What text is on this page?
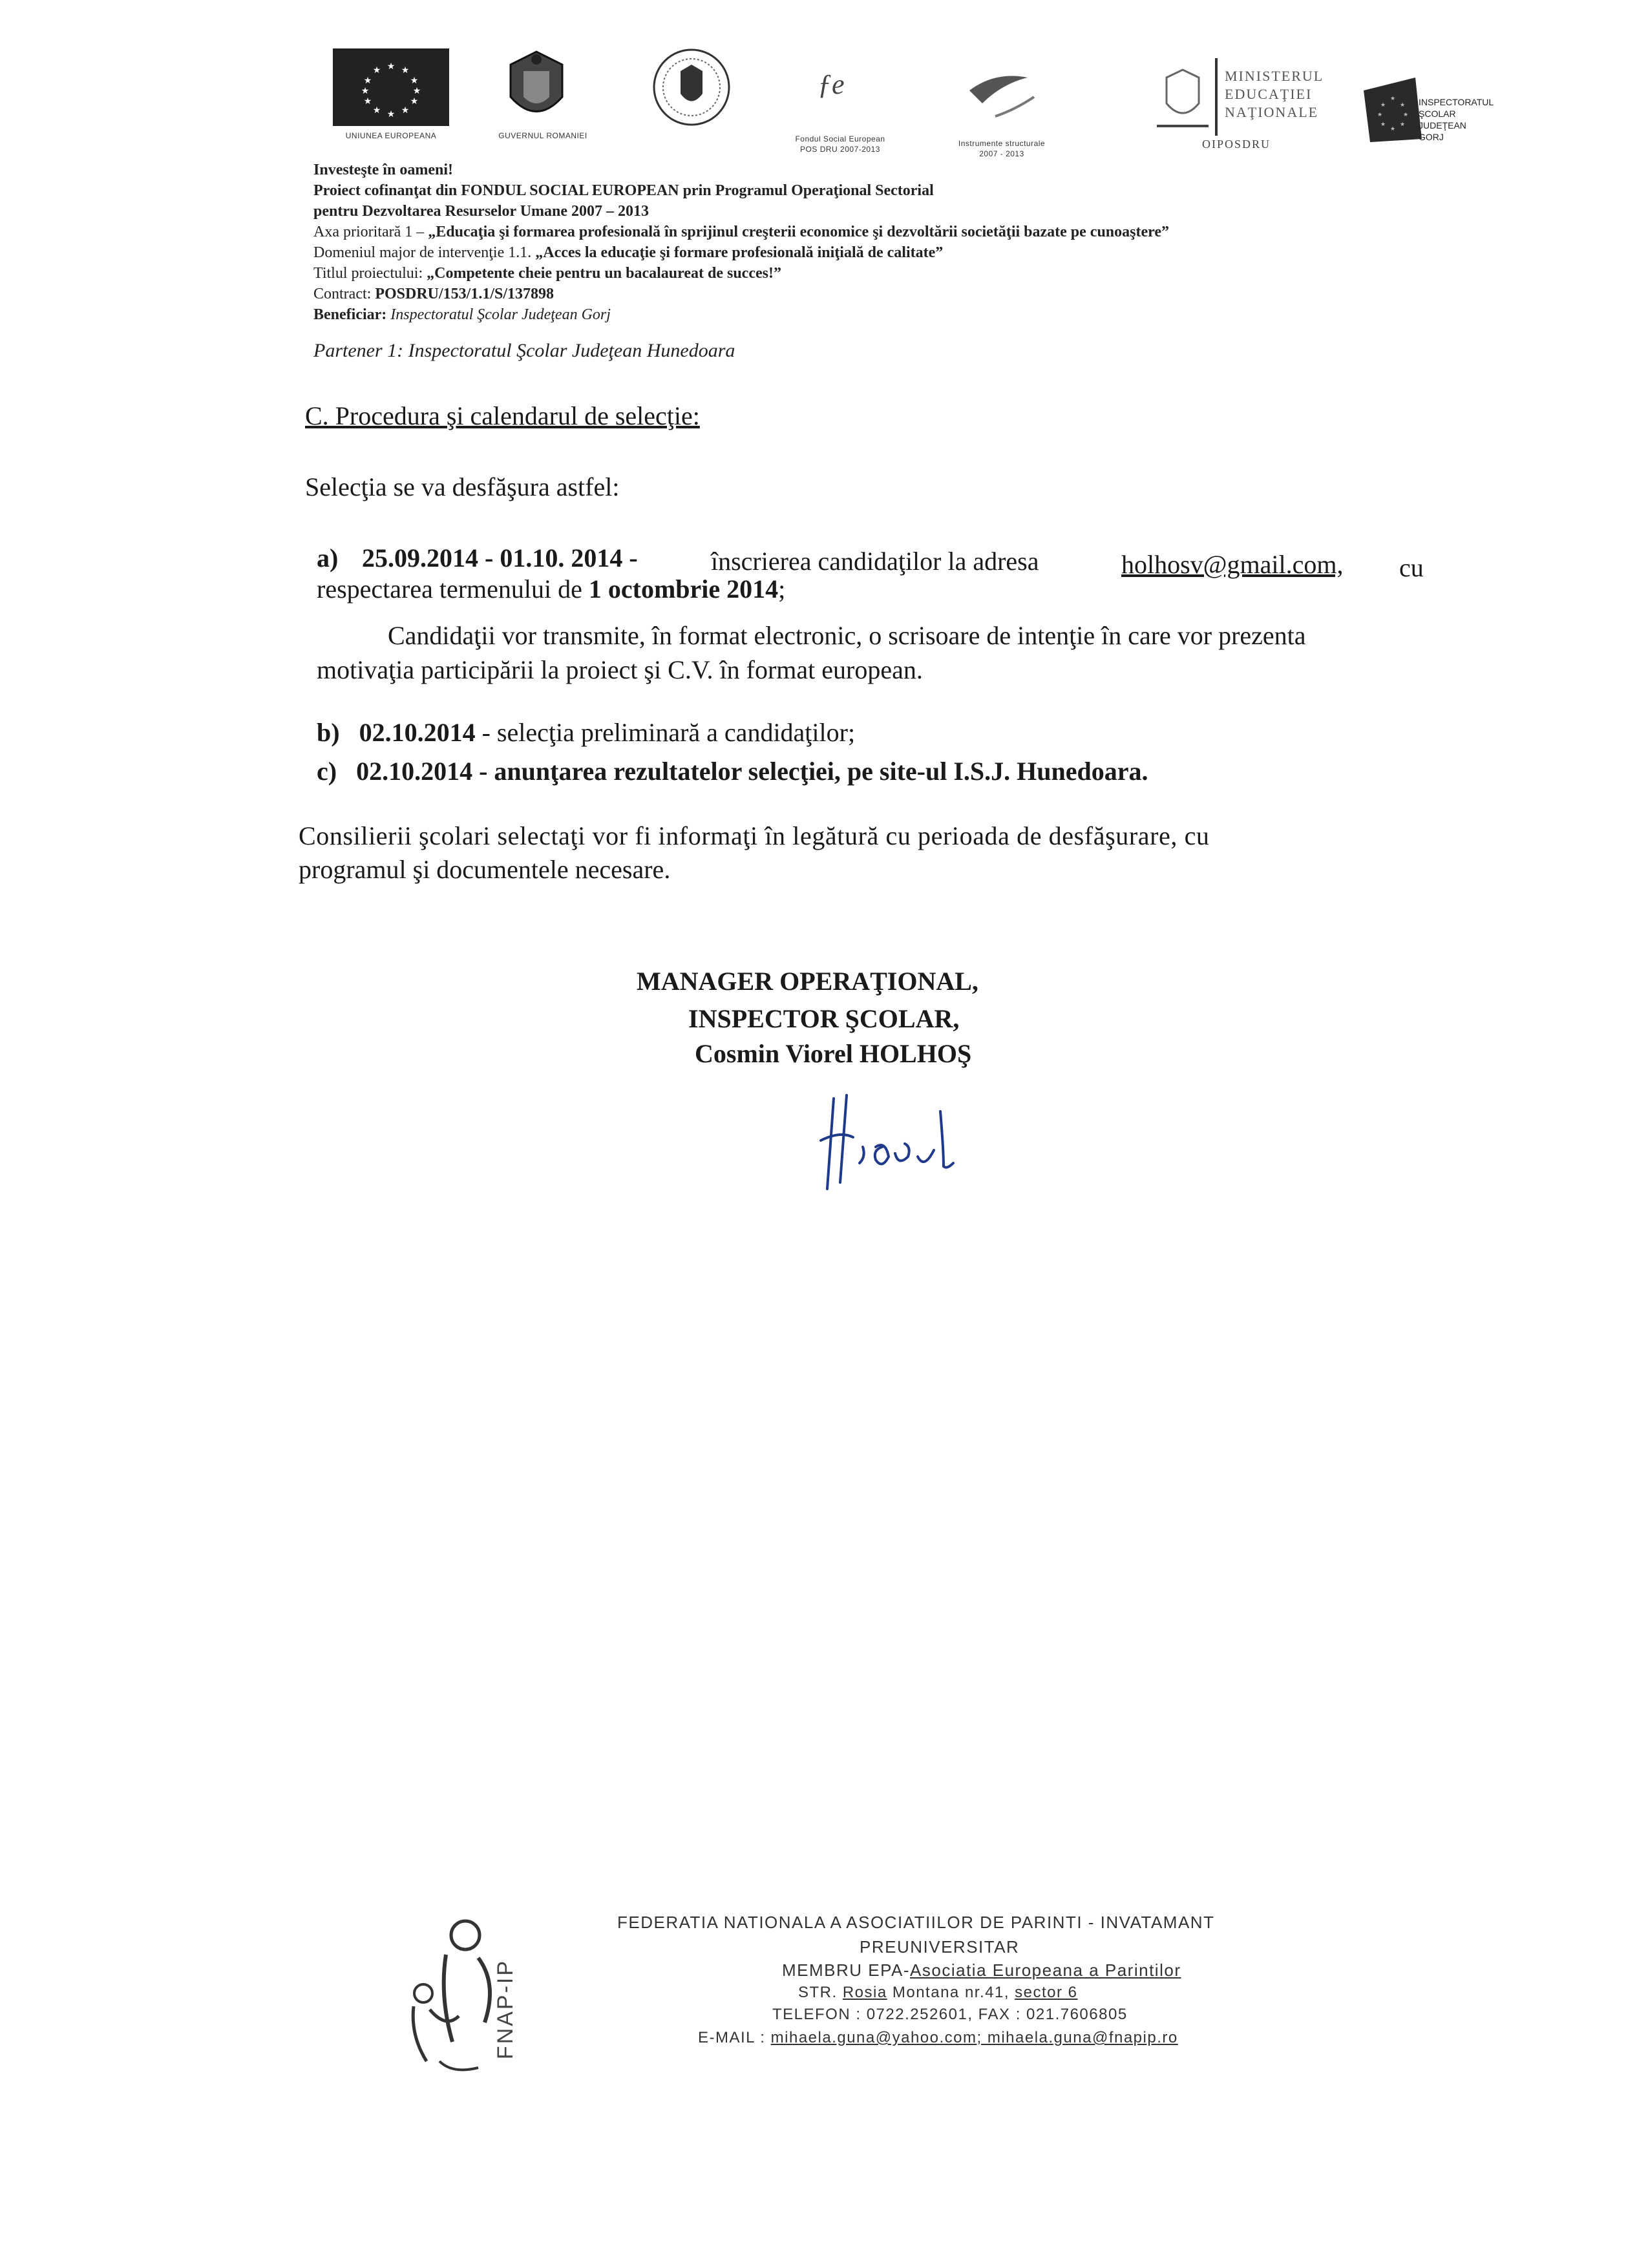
★ ★
★
★
★
★
★
★
★
★
★
★
UNIUNEA EUROPEANA	GUVERNUL ROMANIEI
ƒe
Fondul Social European
POS DRU 2007-2013
Instrumente structurale
2007 - 2013
MINISTERUL
EDUCAŢIEI
NAŢIONALE
OIPOSDRU
★
★
★
★
★
★
★
★	INSPECTORATUL
ŞCOLAR
JUDEŢEAN
GORJ
Investeşte în oameni!
Proiect cofinanţat din FONDUL SOCIAL EUROPEAN prin Programul Operaţional Sectorial
pentru Dezvoltarea Resurselor Umane 2007 – 2013
Axa prioritară 1 – „Educaţia şi formarea profesională în sprijinul creşterii economice şi dezvoltării societăţii bazate pe cunoaştere”
Domeniul major de intervenţie 1.1. „Acces la educaţie şi formare profesională iniţială de calitate”
Titlul proiectului: „Competente cheie pentru un bacalaureat de succes!”
Contract: POSDRU/153/1.1/S/137898
Beneficiar: Inspectoratul Şcolar Judeţean Gorj
Partener 1: Inspectoratul Şcolar Judeţean Hunedoara
C. Procedura şi calendarul de selecţie:
Selecţia se va desfăşura astfel:
a) 25.09.2014 - 01.10. 2014 -	înscrierea candidaţilor la adresa	holhosv@gmail.com, cu
respectarea termenului de 1 octombrie 2014;
Candidaţii vor transmite, în format electronic, o scrisoare de intenţie în care vor prezenta
motivaţia participării la proiect şi C.V. în format european.
b) 02.10.2014 - selecţia preliminară a candidaţilor;
c) 02.10.2014 - anunţarea rezultatelor selecţiei, pe site-ul I.S.J. Hunedoara.
Consilierii şcolari selectaţi vor fi informaţi în legătură cu perioada de desfăşurare, cu
programul şi documentele necesare.
MANAGER OPERAŢIONAL,
INSPECTOR ŞCOLAR,
Cosmin Viorel HOLHOŞ
FNAP-IP
FEDERATIA NATIONALA A ASOCIATIILOR DE PARINTI - INVATAMANT
PREUNIVERSITAR
MEMBRU EPA-Asociatia Europeana a Parintilor
STR. Rosia Montana nr.41, sector 6
TELEFON : 0722.252601, FAX : 021.7606805
E-MAIL : mihaela.guna@yahoo.com; mihaela.guna@fnapip.ro
